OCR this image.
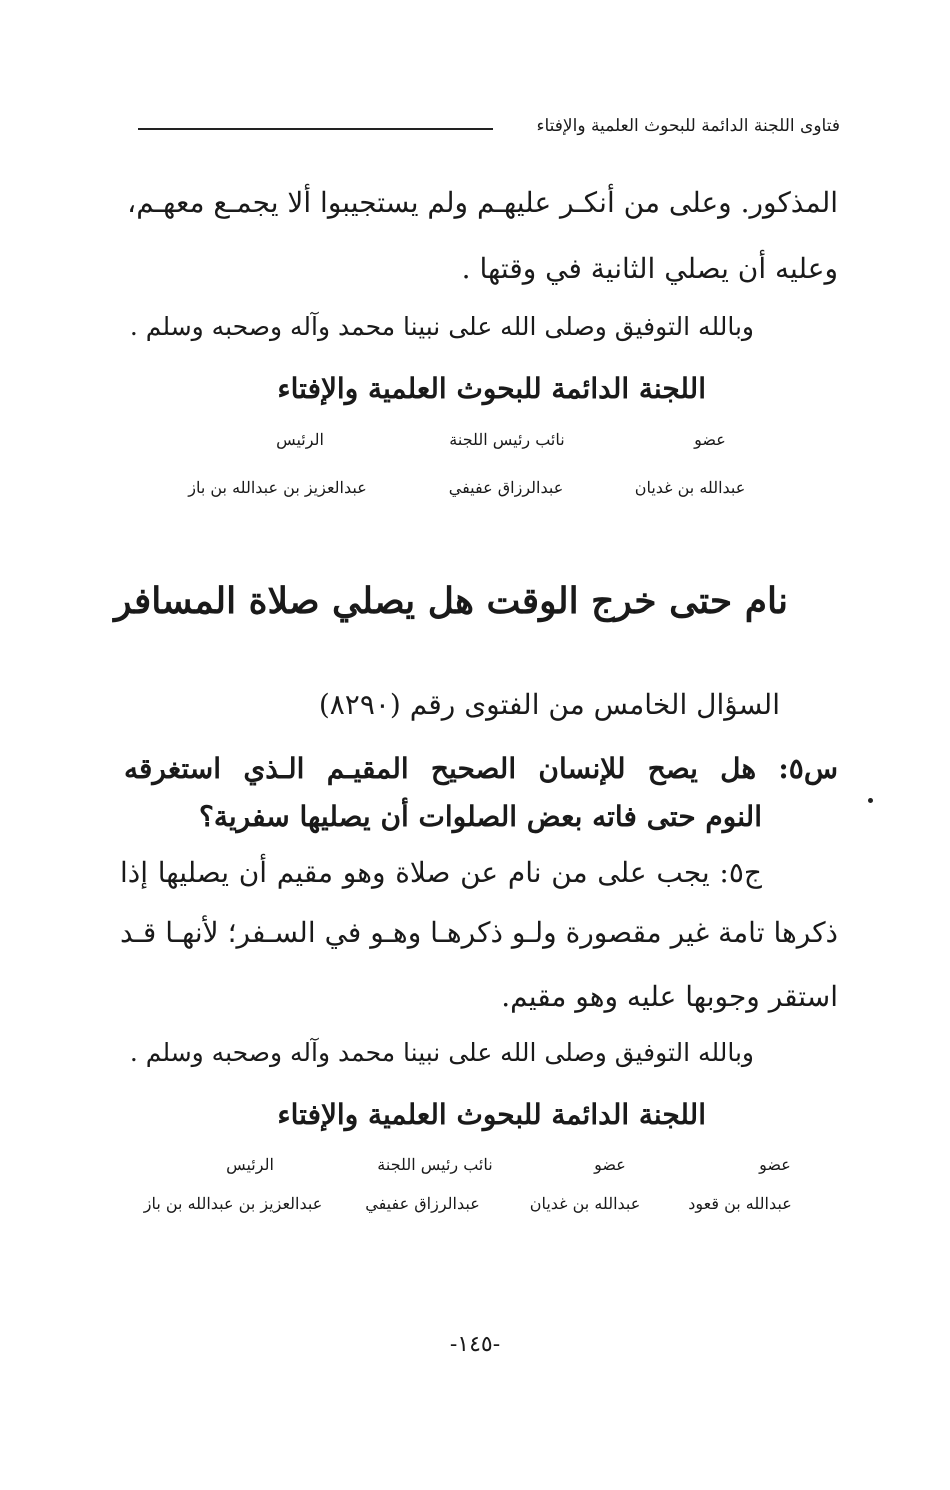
فتاوى اللجنة الدائمة للبحوث العلمية والإفتاء
المذكور. وعلى من أنكـر عليهـم ولم يستجيبوا ألا يجمـع معهـم،
وعليه أن يصلي الثانية في وقتها .
وبالله التوفيق وصلى الله على نبينا محمد وآله وصحبه وسلم .
اللجنة الدائمة للبحوث العلمية والإفتاء
عضو
نائب رئيس اللجنة
الرئيس
عبدالله بن غديان
عبدالرزاق عفيفي
عبدالعزيز بن عبدالله بن باز
نام حتى خرج الوقت هل يصلي صلاة المسافر
السؤال الخامس من الفتوى رقم (٨٢٩٠)
س٥: هل يصح للإنسان الصحيح المقيـم الـذي استغرقه
النوم حتى فاته بعض الصلوات أن يصليها سفرية؟
ج٥: يجب على من نام عن صلاة وهو مقيم أن يصليها إذا
ذكرها تامة غير مقصورة ولـو ذكرهـا وهـو في السـفر؛ لأنهـا قـد
استقر وجوبها عليه وهو مقيم.
وبالله التوفيق وصلى الله على نبينا محمد وآله وصحبه وسلم .
اللجنة الدائمة للبحوث العلمية والإفتاء
عضو
عضو
نائب رئيس اللجنة
الرئيس
عبدالله بن قعود
عبدالله بن غديان
عبدالرزاق عفيفي
عبدالعزيز بن عبدالله بن باز
-١٤٥-
